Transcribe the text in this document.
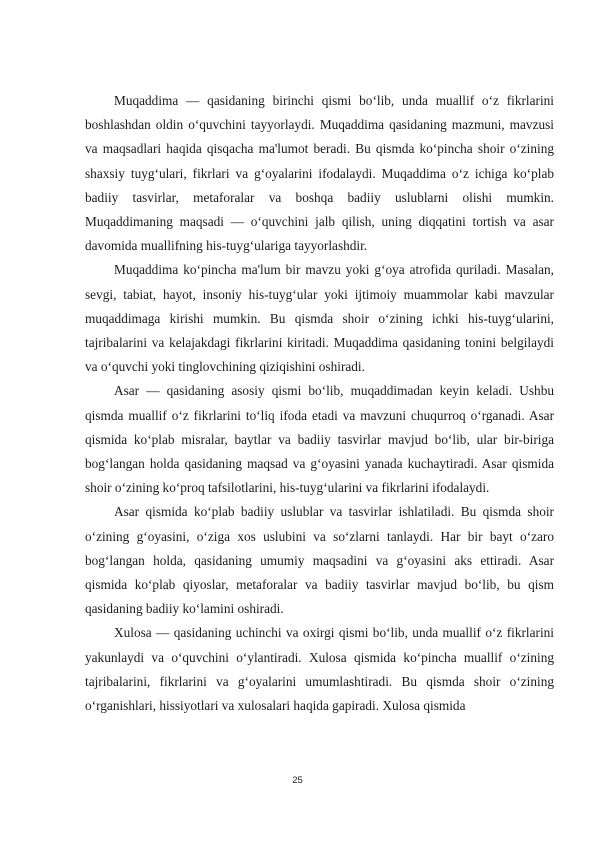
Muqaddima — qasidaning birinchi qismi bo‘lib, unda muallif o‘z fikrlarini boshlashdan oldin o‘quvchini tayyorlaydi. Muqaddima qasidaning mazmuni, mavzusi va maqsadlari haqida qisqacha ma'lumot beradi. Bu qismda ko‘pincha shoir o‘zining shaxsiy tuyg‘ulari, fikrlari va g‘oyalarini ifodalaydi. Muqaddima o‘z ichiga ko‘plab badiiy tasvirlar, metaforalar va boshqa badiiy uslublarni olishi mumkin. Muqaddimaning maqsadi — o‘quvchini jalb qilish, uning diqqatini tortish va asar davomida muallifning his-tuyg‘ulariga tayyorlashdir.

Muqaddima ko‘pincha ma'lum bir mavzu yoki g‘oya atrofida quriladi. Masalan, sevgi, tabiat, hayot, insoniy his-tuyg‘ular yoki ijtimoiy muammolar kabi mavzular muqaddimaga kirishi mumkin. Bu qismda shoir o‘zining ichki his-tuyg‘ularini, tajribalarini va kelajakdagi fikrlarini kiritadi. Muqaddima qasidaning tonini belgilaydi va o‘quvchi yoki tinglovchining qiziqishini oshiradi.

Asar — qasidaning asosiy qismi bo‘lib, muqaddimadan keyin keladi. Ushbu qismda muallif o‘z fikrlarini to‘liq ifoda etadi va mavzuni chuqurroq o‘rganadi. Asar qismida ko‘plab misralar, baytlar va badiiy tasvirlar mavjud bo‘lib, ular bir-biriga bog‘langan holda qasidaning maqsad va g‘oyasini yanada kuchaytiradi. Asar qismida shoir o‘zining ko‘proq tafsilotlarini, his-tuyg‘ularini va fikrlarini ifodalaydi.

Asar qismida ko‘plab badiiy uslublar va tasvirlar ishlatiladi. Bu qismda shoir o‘zining g‘oyasini, o‘ziga xos uslubini va so‘zlarni tanlaydi. Har bir bayt o‘zaro bog‘langan holda, qasidaning umumiy maqsadini va g‘oyasini aks ettiradi. Asar qismida ko‘plab qiyoslar, metaforalar va badiiy tasvirlar mavjud bo‘lib, bu qism qasidaning badiiy ko‘lamini oshiradi.

Xulosa — qasidaning uchinchi va oxirgi qismi bo‘lib, unda muallif o‘z fikrlarini yakunlaydi va o‘quvchini o‘ylantiradi. Xulosa qismida ko‘pincha muallif o‘zining tajribalarini, fikrlarini va g‘oyalarini umumlashtiradi. Bu qismda shoir o‘zining o‘rganishlari, hissiyotlari va xulosalari haqida gapiradi. Xulosa qismida

25
